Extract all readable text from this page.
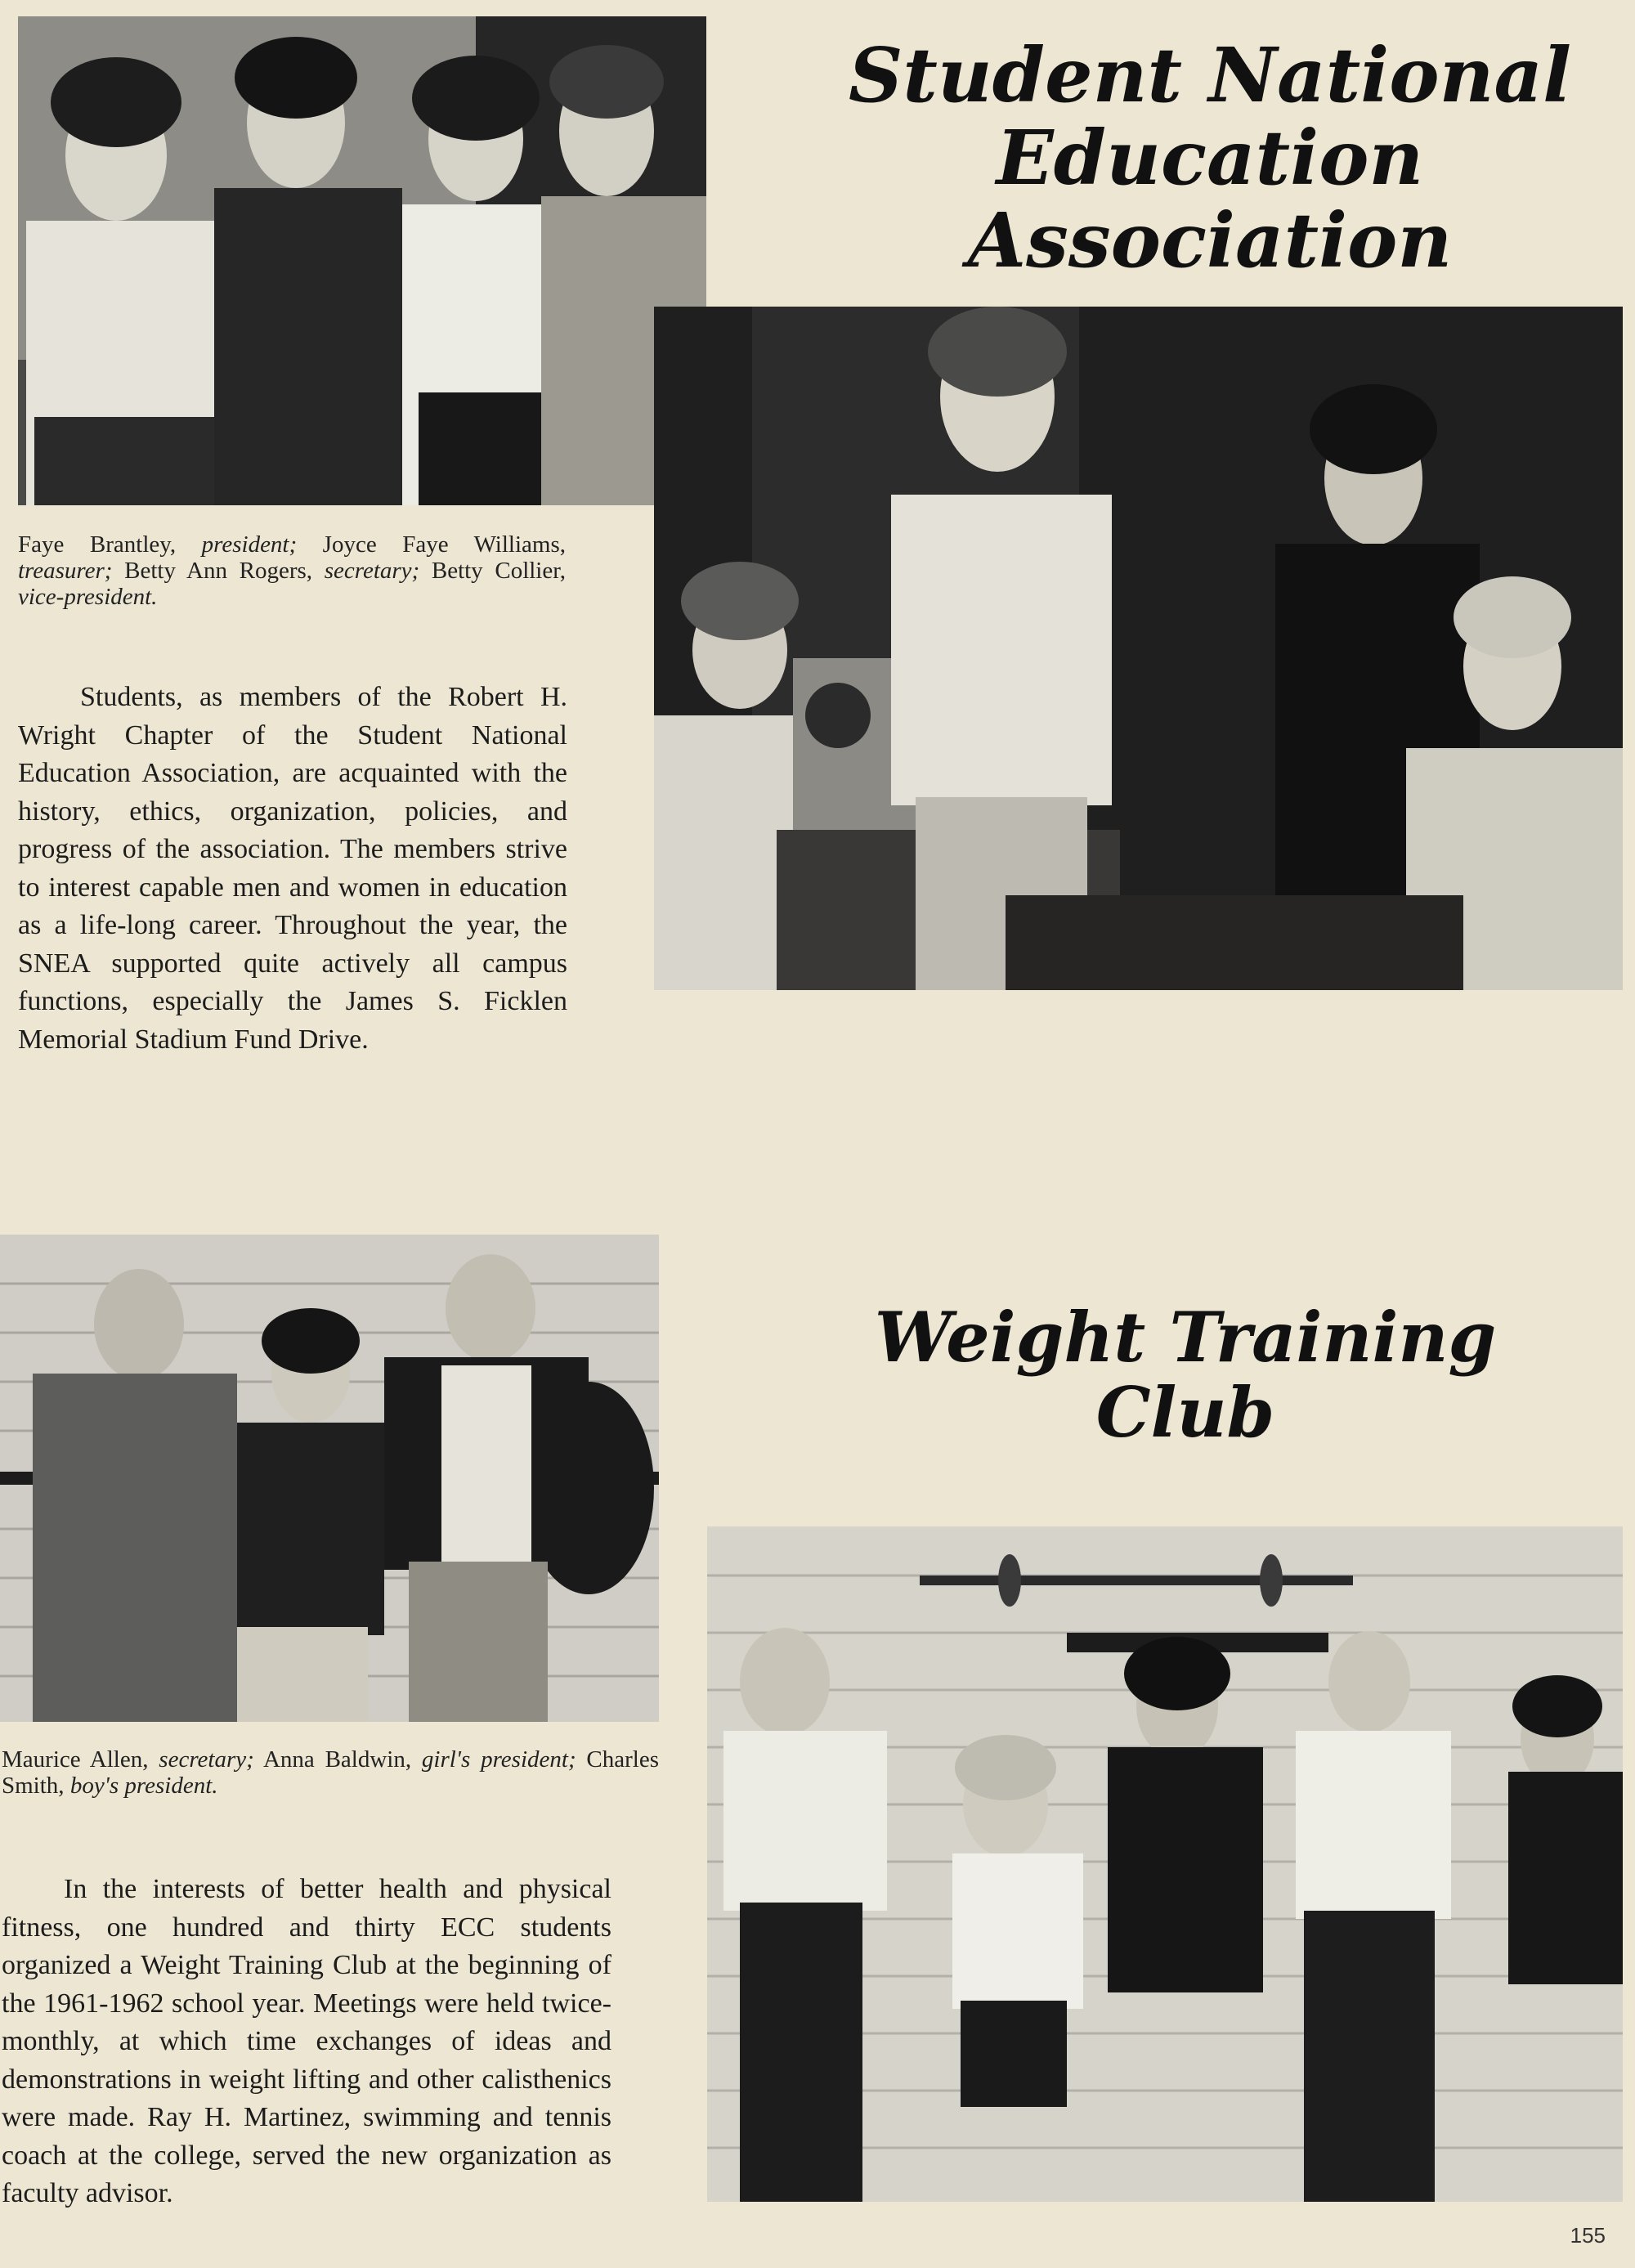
Student National
Education Association

Faye Brantley, president; Joyce Faye Williams, treasurer; Betty Ann Rogers, secretary; Betty Collier, vice-president.

Students, as members of the Robert H. Wright Chapter of the Student National Education Association, are acquainted with the history, ethics, organization, policies, and progress of the association. The members strive to interest capable men and women in education as a life-long career. Throughout the year, the SNEA supported quite actively all campus functions, especially the James S. Ficklen Memorial Stadium Fund Drive.

Weight Training Club

Maurice Allen, secretary; Anna Baldwin, girl's president; Charles Smith, boy's president.

In the interests of better health and physical fitness, one hundred and thirty ECC students organized a Weight Training Club at the beginning of the 1961-1962 school year. Meetings were held twice-monthly, at which time exchanges of ideas and demonstrations in weight lifting and other calisthenics were made. Ray H. Martinez, swimming and tennis coach at the college, served the new organization as faculty advisor.

155
